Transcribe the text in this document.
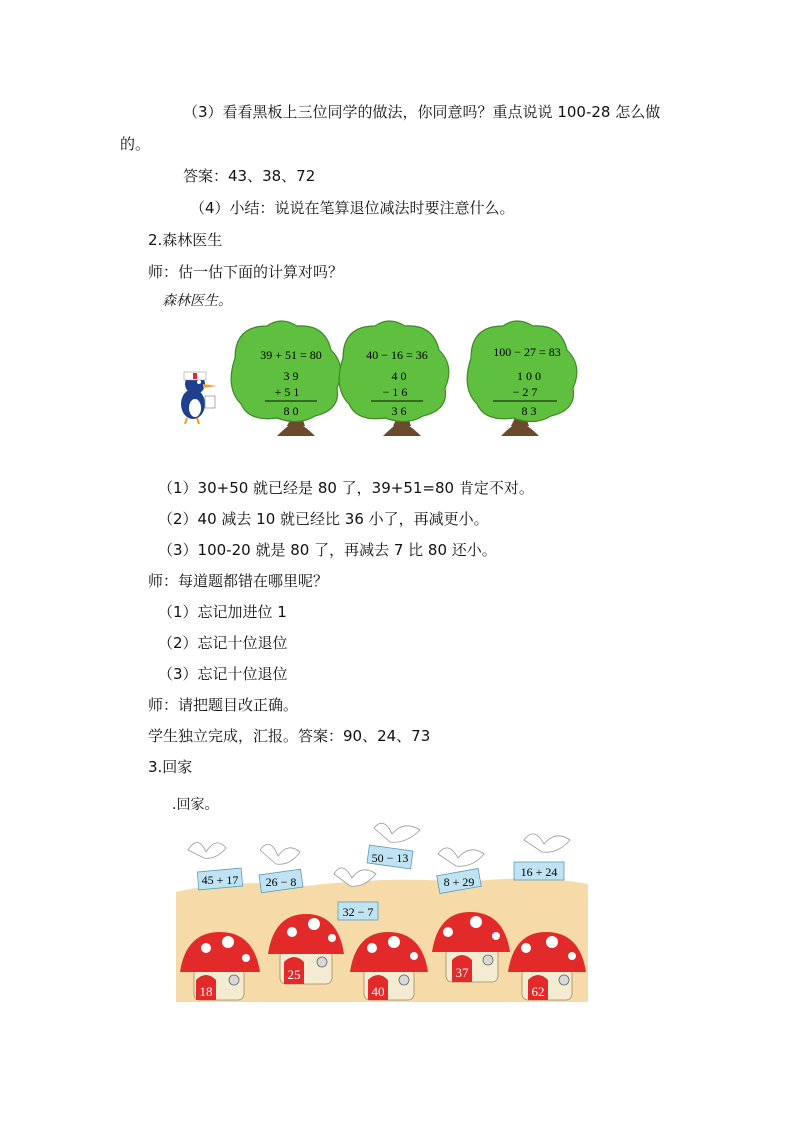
（3）看看黑板上三位同学的做法，你同意吗？重点说说 100-28 怎么做
的。
答案：43、38、72
（4）小结：说说在笔算退位减法时要注意什么。
2.森林医生
师：估一估下面的计算对吗？
森林医生。
39 + 51 = 80
3 9
+ 5 1
8 0
40 − 16 = 36
4 0
− 1 6
3 6
100 − 27 = 83
1 0 0
− 2 7
8 3
（1）30+50 就已经是 80 了，39+51=80 肯定不对。
（2）40 减去 10 就已经比 36 小了，再减更小。
（3）100-20 就是 80 了，再减去 7 比 80 还小。
师：每道题都错在哪里呢？
（1）忘记加进位 1
（2）忘记十位退位
（3）忘记十位退位
师：请把题目改正确。
学生独立完成，汇报。答案：90、24、73
3.回家
.回家。
45 + 17 26 − 8
50 − 13
32 − 7
8 + 29
16 + 24
18
25
40
37
62
